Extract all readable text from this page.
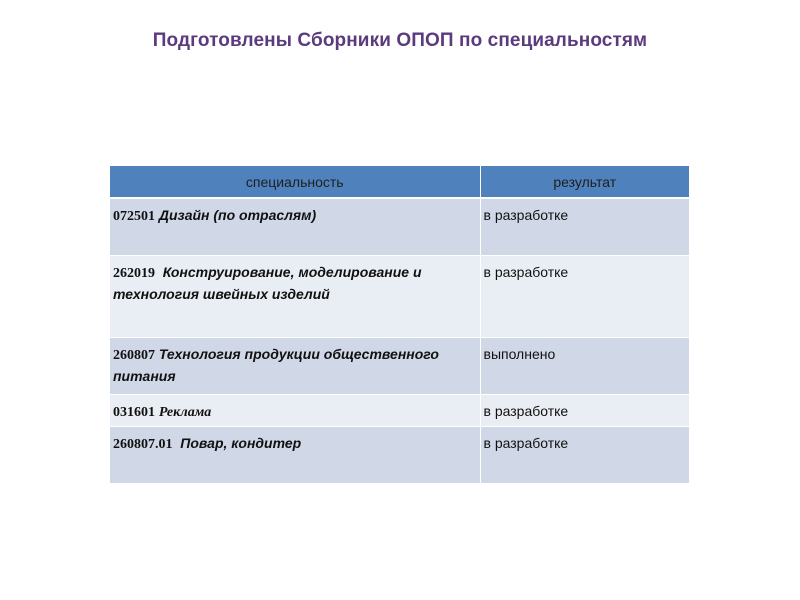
Подготовлены Сборники ОПОП по специальностям
специальность	результат
072501 Дизайн (по отраслям)	в разработке
262019 Конструирование, моделирование и технология швейных изделий	в разработке
260807 Технология продукции общественного питания	выполнено
031601 Реклама	в разработке
260807.01 Повар, кондитер	в разработке
